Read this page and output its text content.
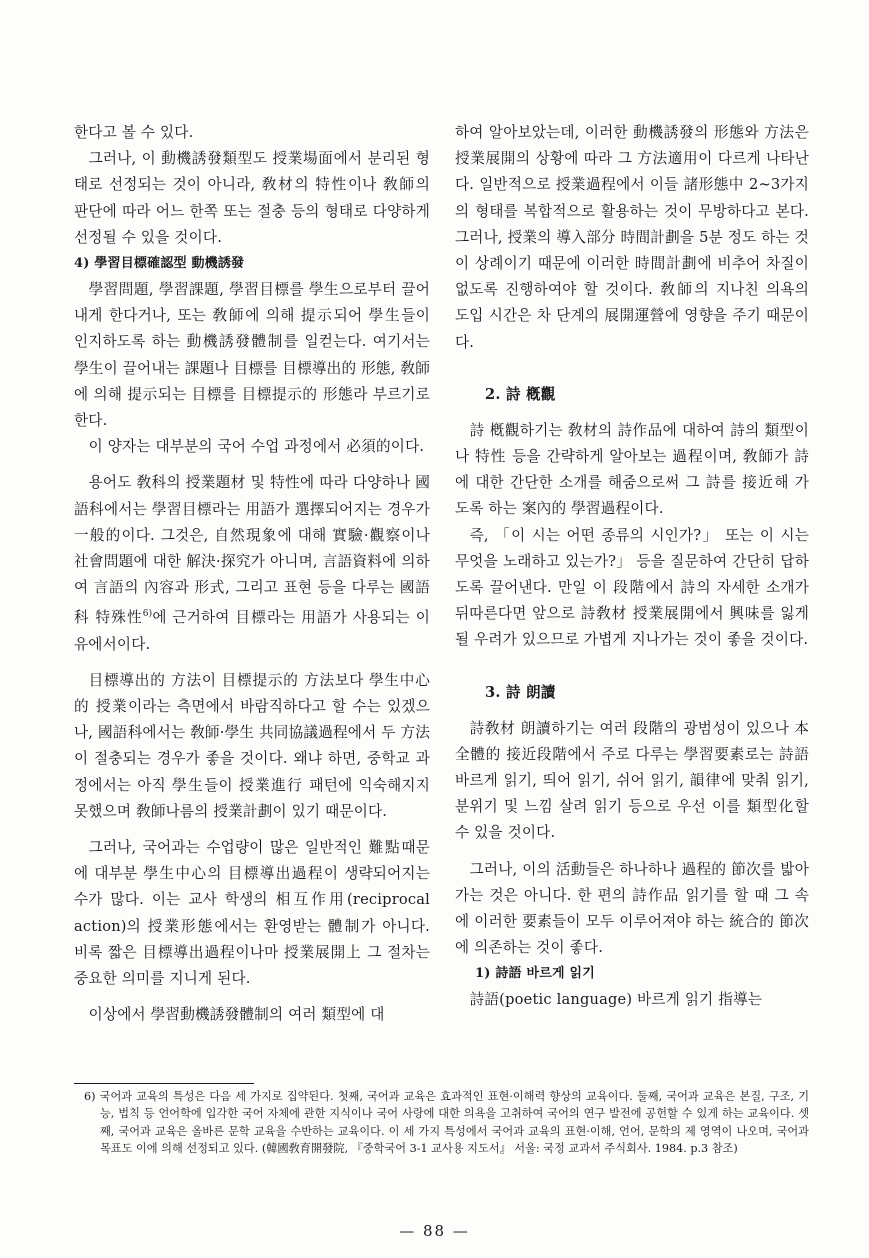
한다고 볼 수 있다.

그러나, 이 動機誘發類型도 授業場面에서 분리된 형태로 선정되는 것이 아니라, 敎材의 特性이나 敎師의 판단에 따라 어느 한쪽 또는 절충 등의 형태로 다양하게 선정될 수 있을 것이다.

4) 學習目標確認型 動機誘發

學習問題, 學習課題, 學習目標를 學生으로부터 끌어내게 한다거나, 또는 敎師에 의해 提示되어 學生들이 인지하도록 하는 動機誘發體制를 일컫는다. 여기서는 學生이 끌어내는 課題나 目標를 目標導出的 形態, 敎師에 의해 提示되는 目標를 目標提示的 形態라 부르기로 한다.

이 양자는 대부분의 국어 수업 과정에서 必須的이다.

용어도 敎科의 授業題材 및 特性에 따라 다양하나 國語科에서는 學習目標라는 用語가 選擇되어지는 경우가 一般的이다. 그것은, 自然現象에 대해 實驗·觀察이나 社會問題에 대한 解決·探究가 아니며, 言語資料에 의하여 言語의 內容과 形式, 그리고 표현 등을 다루는 國語科 特殊性$^{6)}$에 근거하여 目標라는 用語가 사용되는 이유에서이다.

目標導出的 方法이 目標提示的 方法보다 學生中心的 授業이라는 측면에서 바람직하다고 할 수는 있겠으나, 國語科에서는 敎師·學生 共同協議過程에서 두 方法이 절충되는 경우가 좋을 것이다. 왜냐 하면, 중학교 과정에서는 아직 學生들이 授業進行 패턴에 익숙해지지 못했으며 敎師나름의 授業計劃이 있기 때문이다.

그러나, 국어과는 수업량이 많은 일반적인 難點때문에 대부분 學生中心의 目標導出過程이 생략되어지는 수가 많다. 이는 교사 학생의 相互作用(reciprocal action)의 授業形態에서는 환영받는 體制가 아니다. 비록 짧은 目標導出過程이나마 授業展開上 그 절차는 중요한 의미를 지니게 된다.

이상에서 學習動機誘發體制의 여러 類型에 대

하여 알아보았는데, 이러한 動機誘發의 形態와 方法은 授業展開의 상황에 따라 그 方法適用이 다르게 나타난다. 일반적으로 授業過程에서 이들 諸形態中 2~3가지의 형태를 복합적으로 활용하는 것이 무방하다고 본다. 그러나, 授業의 導入部分 時間計劃을 5분 정도 하는 것이 상례이기 때문에 이러한 時間計劃에 비추어 차질이 없도록 진행하여야 할 것이다. 敎師의 지나친 의욕의 도입 시간은 차 단계의 展開運營에 영향을 주기 때문이다.

2. 詩 槪觀

詩 槪觀하기는 敎材의 詩作品에 대하여 詩의 類型이나 特性 등을 간략하게 알아보는 過程이며, 敎師가 詩에 대한 간단한 소개를 해줌으로써 그 詩를 接近해 가도록 하는 案內的 學習過程이다.

즉, 「이 시는 어떤 종류의 시인가?」 또는 이 시는 무엇을 노래하고 있는가?」 등을 질문하여 간단히 답하도록 끌어낸다. 만일 이 段階에서 詩의 자세한 소개가 뒤따른다면 앞으로 詩敎材 授業展開에서 興味를 잃게 될 우려가 있으므로 가볍게 지나가는 것이 좋을 것이다.

3. 詩 朗讀

詩敎材 朗讀하기는 여러 段階의 광범성이 있으나 本 全體的 接近段階에서 주로 다루는 學習要素로는 詩語 바르게 읽기, 띄어 읽기, 쉬어 읽기, 韻律에 맞춰 읽기, 분위기 및 느낌 살려 읽기 등으로 우선 이를 類型化할 수 있을 것이다.

그러나, 이의 活動들은 하나하나 過程的 節次를 밟아가는 것은 아니다. 한 편의 詩作品 읽기를 할 때 그 속에 이러한 要素들이 모두 이루어져야 하는 統合的 節次에 의존하는 것이 좋다.

1) 詩語 바르게 읽기

詩語(poetic language) 바르게 읽기 指導는

6) 국어과 교육의 특성은 다음 세 가지로 집약된다. 첫째, 국어과 교육은 효과적인 표현·이해력 향상의 교육이다. 둘째, 국어과 교육은 본질, 구조, 기능, 법칙 등 언어학에 입각한 국어 자체에 관한 지식이나 국어 사랑에 대한 의욕을 고취하여 국어의 연구 발전에 공헌할 수 있게 하는 교육이다. 셋째, 국어과 교육은 올바른 문학 교육을 수반하는 교육이다. 이 세 가지 특성에서 국어과 교육의 표현·이해, 언어, 문학의 제 영역이 나오며, 국어과 목표도 이에 의해 선정되고 있다. (韓國敎育開發院, 『중학국어 3-1 교사용 지도서』 서울: 국정 교과서 주식회사. 1984. p.3 참조)

— 88 —
